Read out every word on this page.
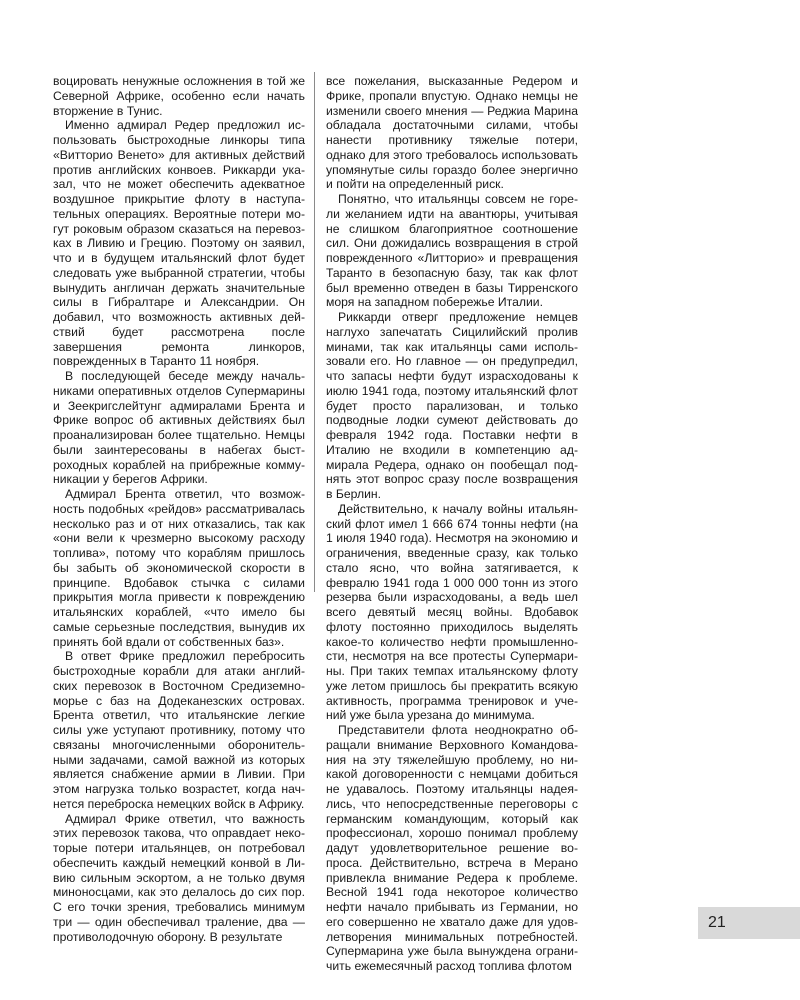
воцировать ненужные осложнения в той же Северной Африке, особенно если начать вторжение в Тунис.

Именно адмирал Редер предложил использовать быстроходные линкоры типа «Витторио Венето» для активных действий против английских конвоев. Риккарди указал, что не может обеспечить адекватное воздушное прикрытие флоту в наступательных операциях. Вероятные потери могут роковым образом сказаться на перевозках в Ливию и Грецию. Поэтому он заявил, что и в будущем итальянский флот будет следовать уже выбранной стратегии, чтобы вынудить англичан держать значительные силы в Гибралтаре и Александрии. Он добавил, что возможность активных действий будет рассмотрена после завершения ремонта линкоров, поврежденных в Таранто 11 ноября.

В последующей беседе между начальниками оперативных отделов Супермарины и Зеекригслейтунг адмиралами Брента и Фрике вопрос об активных действиях был проанализирован более тщательно. Немцы были заинтересованы в набегах быстроходных кораблей на прибрежные коммуникации у берегов Африки.

Адмирал Брента ответил, что возможность подобных «рейдов» рассматривалась несколько раз и от них отказались, так как «они вели к чрезмерно высокому расходу топлива», потому что кораблям пришлось бы забыть об экономической скорости в принципе. Вдобавок стычка с силами прикрытия могла привести к повреждению итальянских кораблей, «что имело бы самые серьезные последствия, вынудив их принять бой вдали от собственных баз».

В ответ Фрике предложил перебросить быстроходные корабли для атаки английских перевозок в Восточном Средиземноморье с баз на Додеканезских островах. Брента ответил, что итальянские легкие силы уже уступают противнику, потому что связаны многочисленными оборонительными задачами, самой важной из которых является снабжение армии в Ливии. При этом нагрузка только возрастет, когда начнется переброска немецких войск в Африку.

Адмирал Фрике ответил, что важность этих перевозок такова, что оправдает некоторые потери итальянцев, он потребовал обеспечить каждый немецкий конвой в Ливию сильным эскортом, а не только двумя миноносцами, как это делалось до сих пор. С его точки зрения, требовались минимум три — один обеспечивал траление, два — противолодочную оборону. В результате

все пожелания, высказанные Редером и Фрике, пропали впустую. Однако немцы не изменили своего мнения — Реджиа Марина обладала достаточными силами, чтобы нанести противнику тяжелые потери, однако для этого требовалось использовать упомянутые силы гораздо более энергично и пойти на определенный риск.

Понятно, что итальянцы совсем не горели желанием идти на авантюры, учитывая не слишком благоприятное соотношение сил. Они дожидались возвращения в строй поврежденного «Литторио» и превращения Таранто в безопасную базу, так как флот был временно отведен в базы Тирренского моря на западном побережье Италии.

Риккарди отверг предложение немцев наглухо запечатать Сицилийский пролив минами, так как итальянцы сами использовали его. Но главное — он предупредил, что запасы нефти будут израсходованы к июлю 1941 года, поэтому итальянский флот будет просто парализован, и только подводные лодки сумеют действовать до февраля 1942 года. Поставки нефти в Италию не входили в компетенцию адмирала Редера, однако он пообещал поднять этот вопрос сразу после возвращения в Берлин.

Действительно, к началу войны итальянский флот имел 1 666 674 тонны нефти (на 1 июля 1940 года). Несмотря на экономию и ограничения, введенные сразу, как только стало ясно, что война затягивается, к февралю 1941 года 1 000 000 тонн из этого резерва были израсходованы, а ведь шел всего девятый месяц войны. Вдобавок флоту постоянно приходилось выделять какое-то количество нефти промышленности, несмотря на все протесты Супермарины. При таких темпах итальянскому флоту уже летом пришлось бы прекратить всякую активность, программа тренировок и учений уже была урезана до минимума.

Представители флота неоднократно обращали внимание Верховного Командования на эту тяжелейшую проблему, но никакой договоренности с немцами добиться не удавалось. Поэтому итальянцы надеялись, что непосредственные переговоры с германским командующим, который как профессионал, хорошо понимал проблему дадут удовлетворительное решение вопроса. Действительно, встреча в Мерано привлекла внимание Редера к проблеме. Весной 1941 года некоторое количество нефти начало прибывать из Германии, но его совершенно не хватало даже для удовлетворения минимальных потребностей. Супермарина уже была вынуждена ограничить ежемесячный расход топлива флотом

21
